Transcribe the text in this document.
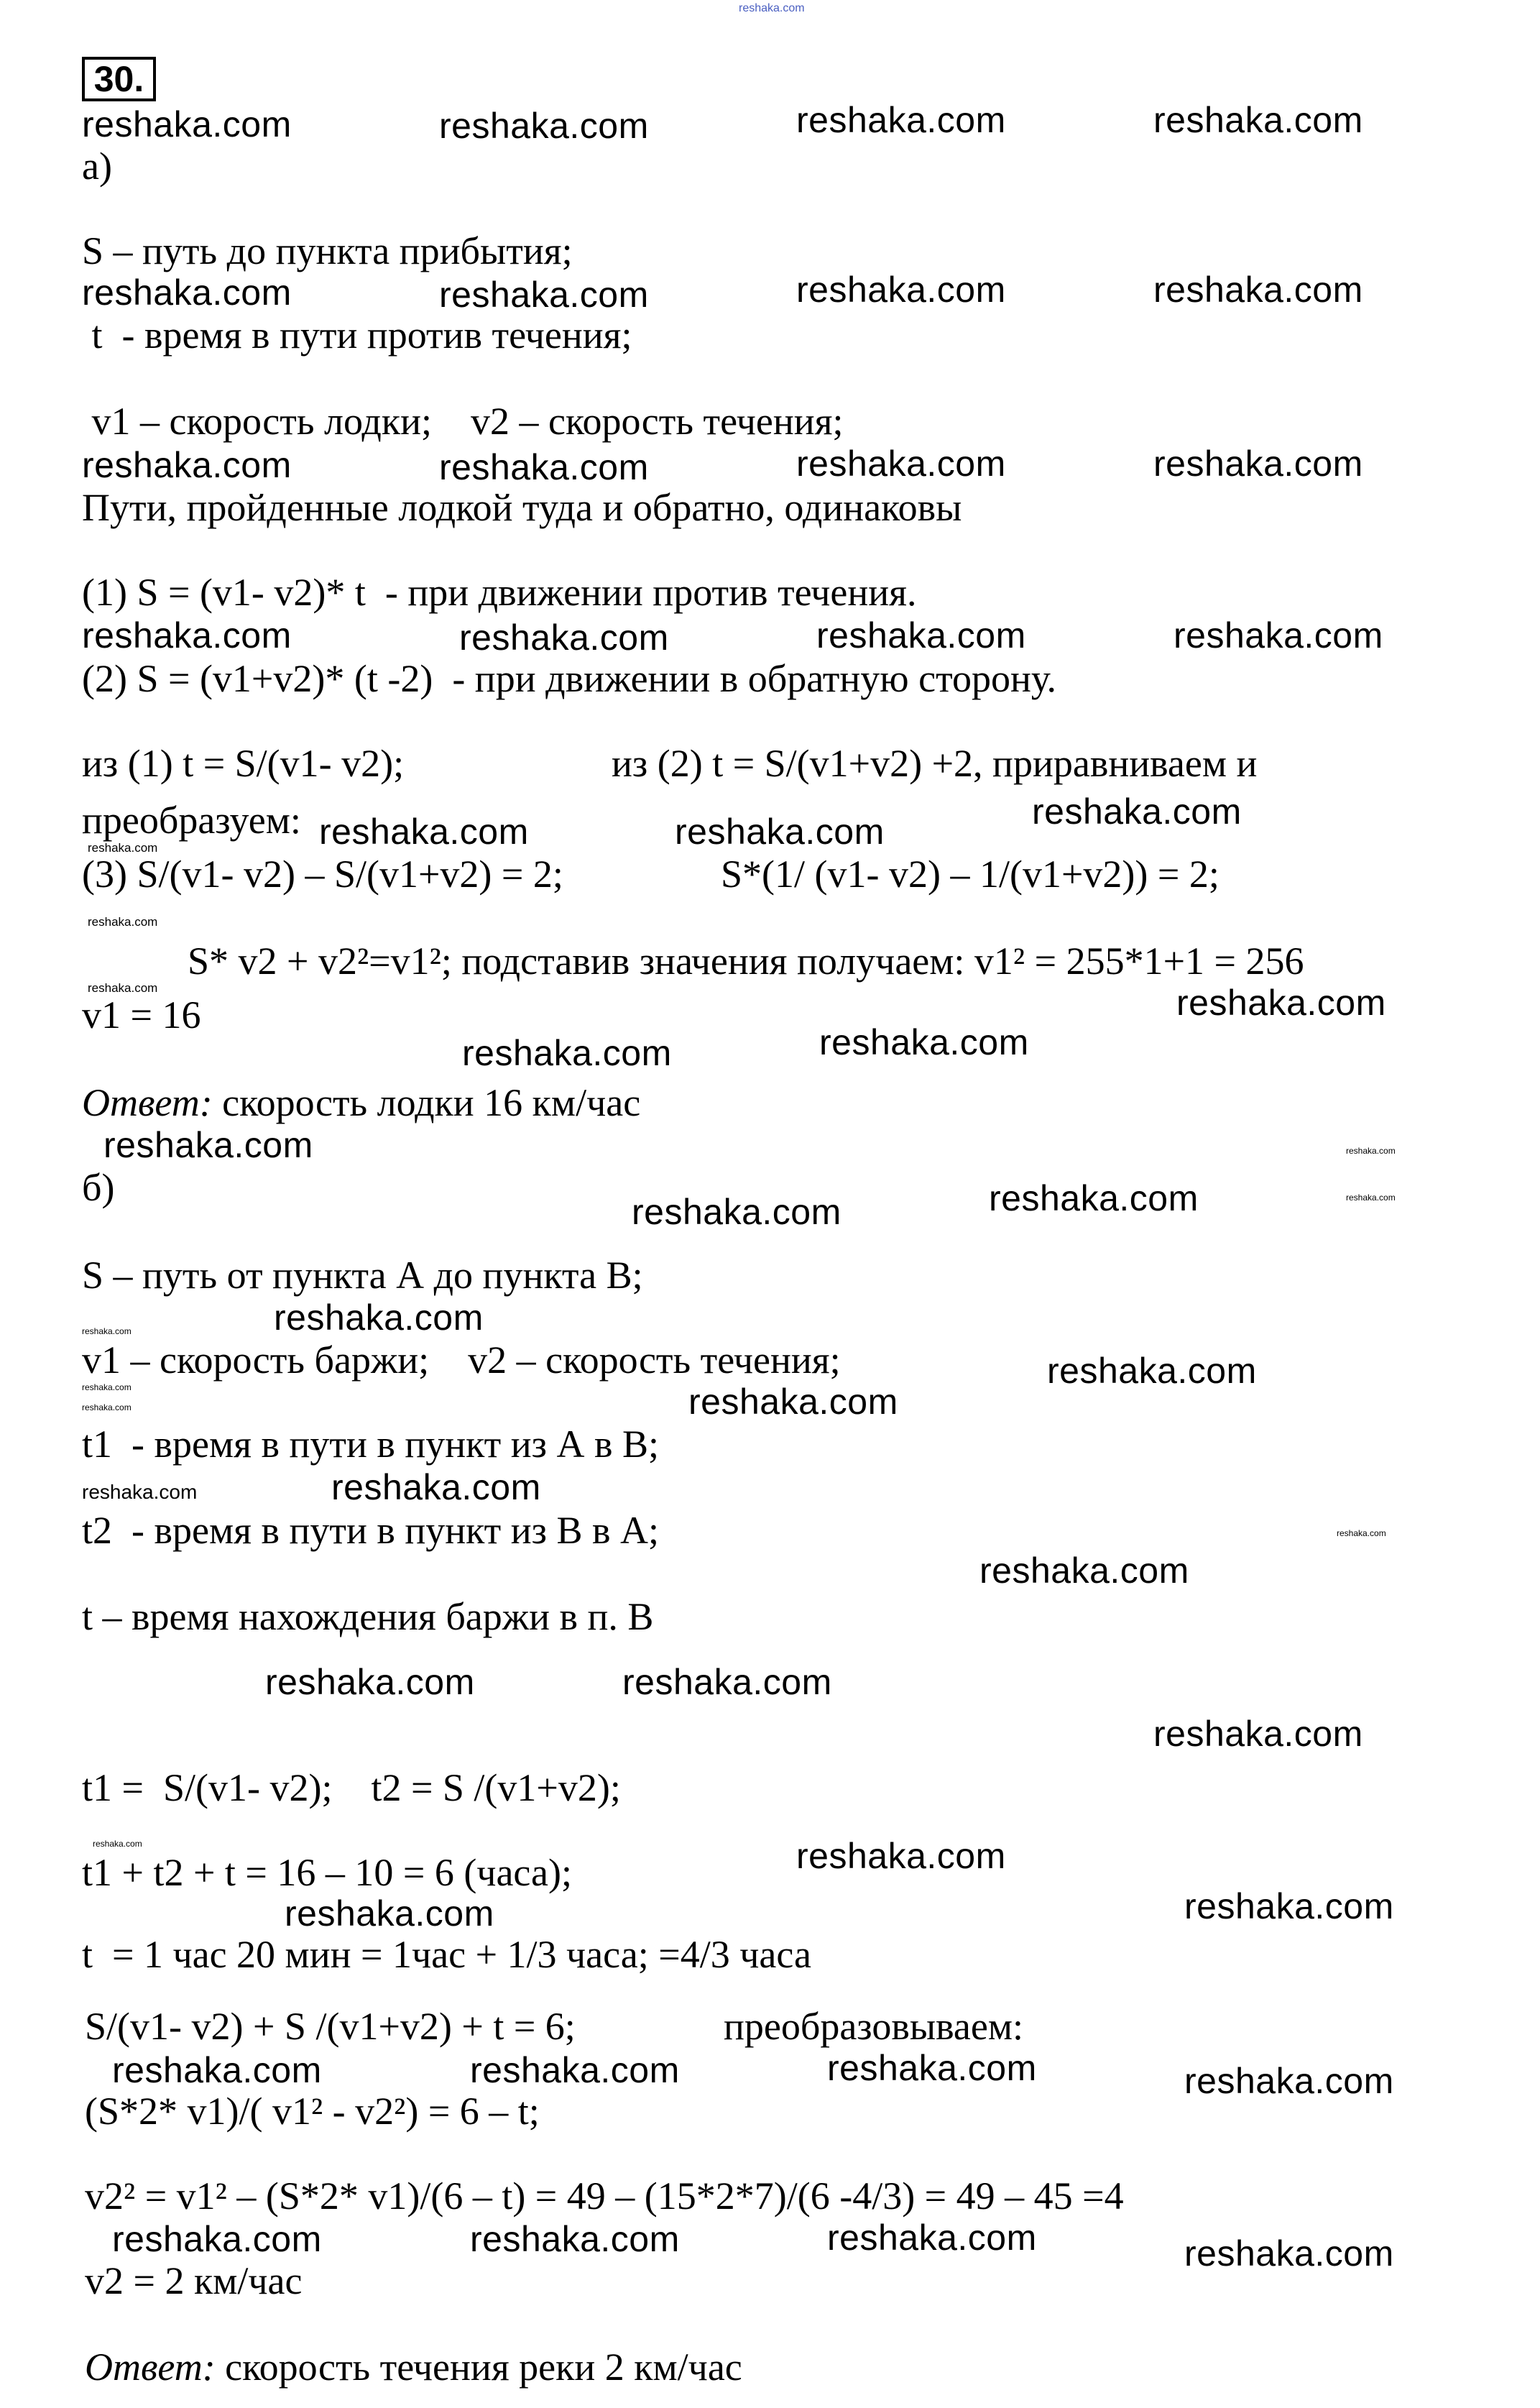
reshaka.com
30.
а)
S – путь до пункта прибытия;
t  - время в пути против течения;
v1 – скорость лодки;    v2 – скорость течения;
Пути, пройденные лодкой туда и обратно, одинаковы
(1) S = (v1- v2)* t  - при движении против течения.
(2) S = (v1+v2)* (t -2)  - при движении в обратную сторону.
из (1) t = S/(v1- v2);	из (2) t = S/(v1+v2) +2, приравниваем и
преобразуем:
(3) S/(v1- v2) – S/(v1+v2) = 2;	S*(1/ (v1- v2) – 1/(v1+v2)) = 2;
S* v2 + v2²=v1²; подставив значения получаем: v1² = 255*1+1 = 256
v1 = 16
Ответ: скорость лодки 16 км/час
б)
S – путь от пункта А до пункта В;
v1 – скорость баржи;    v2 – скорость течения;
t1  - время в пути в пункт из А в В;
t2  - время в пути в пункт из В в А;
t – время нахождения баржи в п. В
t1 =  S/(v1- v2);    t2 = S /(v1+v2);
t1 + t2 + t = 16 – 10 = 6 (часа);
t  = 1 час 20 мин = 1час + 1/3 часа; =4/3 часа
S/(v1- v2) + S /(v1+v2) + t = 6;	преобразовываем:
(S*2* v1)/( v1² - v2²) = 6 – t;
v2² = v1² – (S*2* v1)/(6 – t) = 49 – (15*2*7)/(6 -4/3) = 49 – 45 =4
v2 = 2 км/час
Ответ: скорость течения реки 2 км/час
reshaka.com	reshaka.com	reshaka.com	reshaka.com
reshaka.com	reshaka.com	reshaka.com	reshaka.com
reshaka.com	reshaka.com	reshaka.com	reshaka.com
reshaka.com	reshaka.com	reshaka.com	reshaka.com
reshaka.com
reshaka.com	reshaka.com
reshaka.com
reshaka.com
reshaka.com
reshaka.com
reshaka.com
reshaka.com
reshaka.com
reshaka.com
reshaka.com
reshaka.com
reshaka.com
reshaka.com	reshaka.com
reshaka.com
reshaka.com
reshaka.com	reshaka.com
reshaka.com
reshaka.com	reshaka.com	reshaka.com
reshaka.com
reshaka.com	reshaka.com	reshaka.com
reshaka.com
reshaka.com
reshaka.com
reshaka.com
reshaka.com
reshaka.com
reshaka.com
reshaka.com
reshaka.com
reshaka.com
reshaka.com
